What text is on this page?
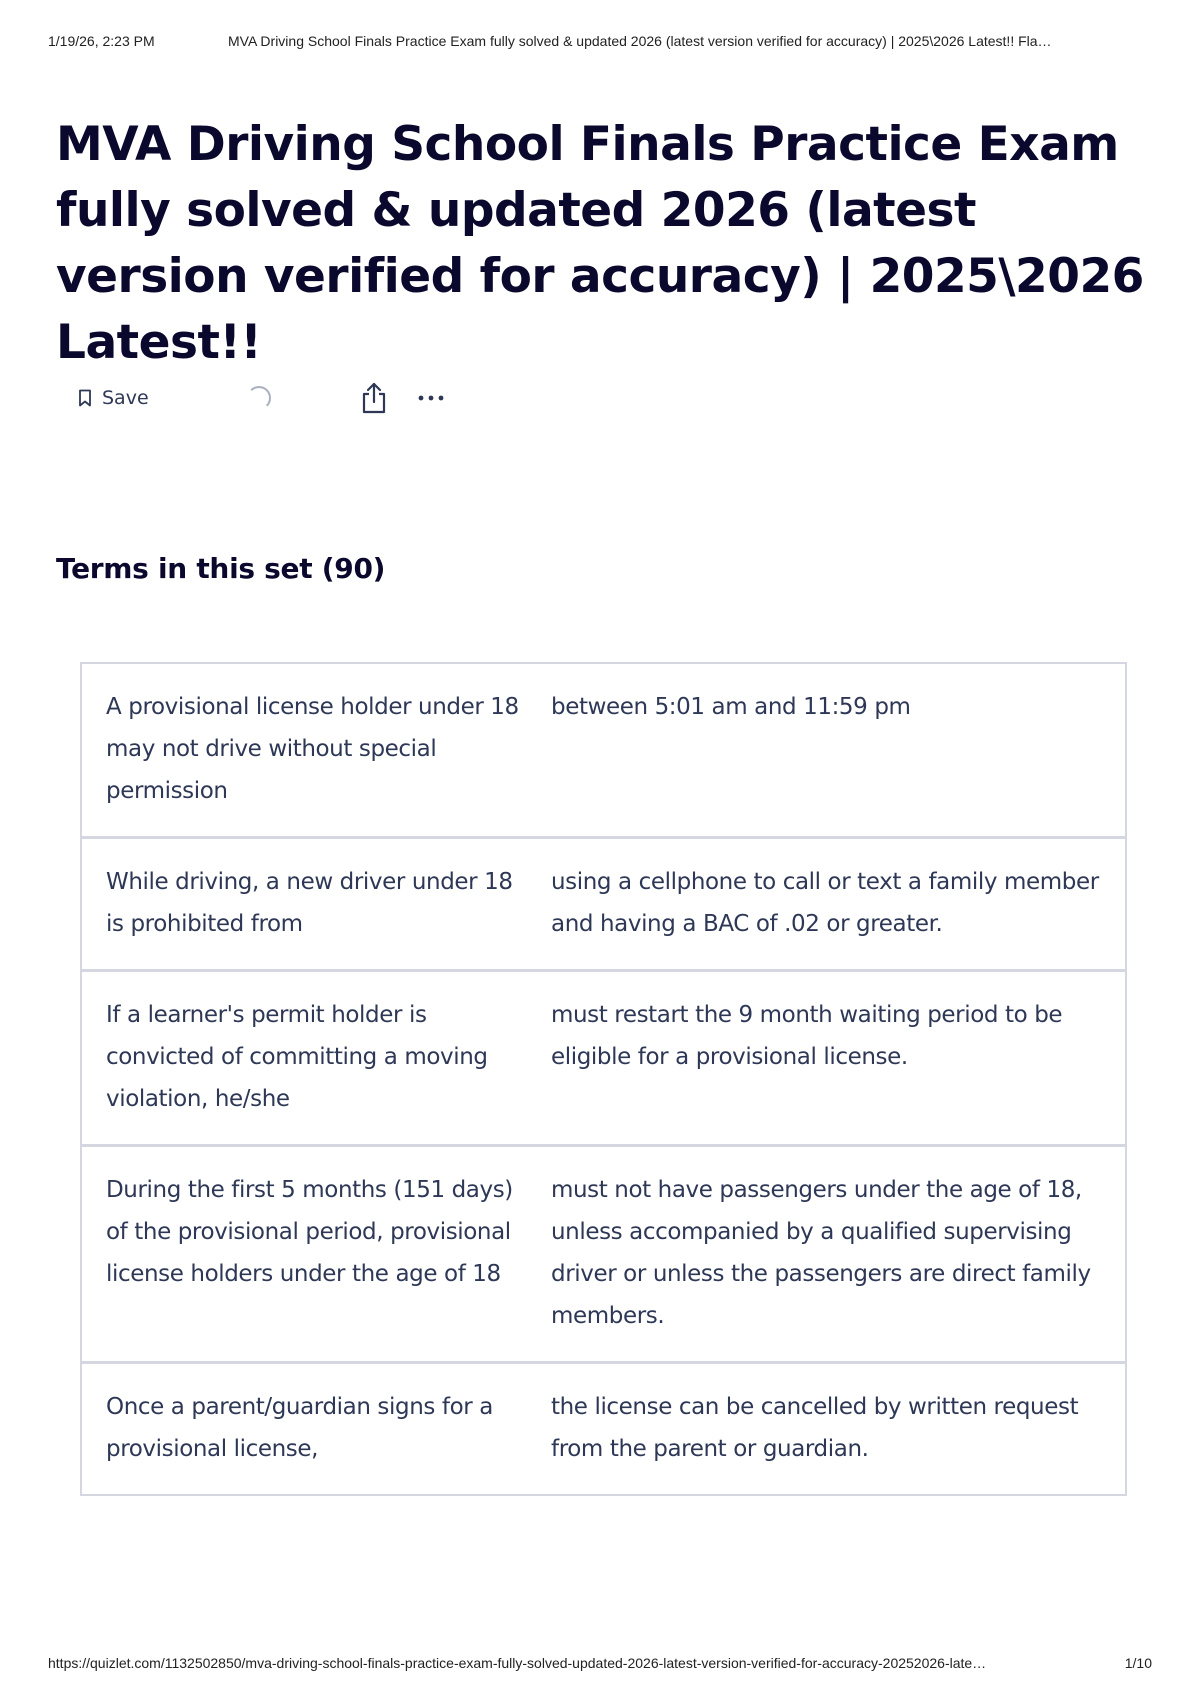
1/19/26, 2:23 PM	MVA Driving School Finals Practice Exam fully solved & updated 2026 (latest version verified for accuracy) | 2025\2026 Latest!! Fla…
MVA Driving School Finals Practice Exam fully solved & updated 2026 (latest version verified for accuracy) | 2025\2026 Latest!!
Save
Terms in this set (90)
A provisional license holder under 18 may not drive without special permission
between 5:01 am and 11:59 pm
While driving, a new driver under 18 is prohibited from
using a cellphone to call or text a family member and having a BAC of .02 or greater.
If a learner's permit holder is convicted of committing a moving violation, he/she
must restart the 9 month waiting period to be eligible for a provisional license.
During the first 5 months (151 days) of the provisional period, provisional license holders under the age of 18
must not have passengers under the age of 18, unless accompanied by a qualified supervising driver or unless the passengers are direct family members.
Once a parent/guardian signs for a provisional license,
the license can be cancelled by written request from the parent or guardian.
https://quizlet.com/1132502850/mva-driving-school-finals-practice-exam-fully-solved-updated-2026-latest-version-verified-for-accuracy-20252026-late…	1/10
